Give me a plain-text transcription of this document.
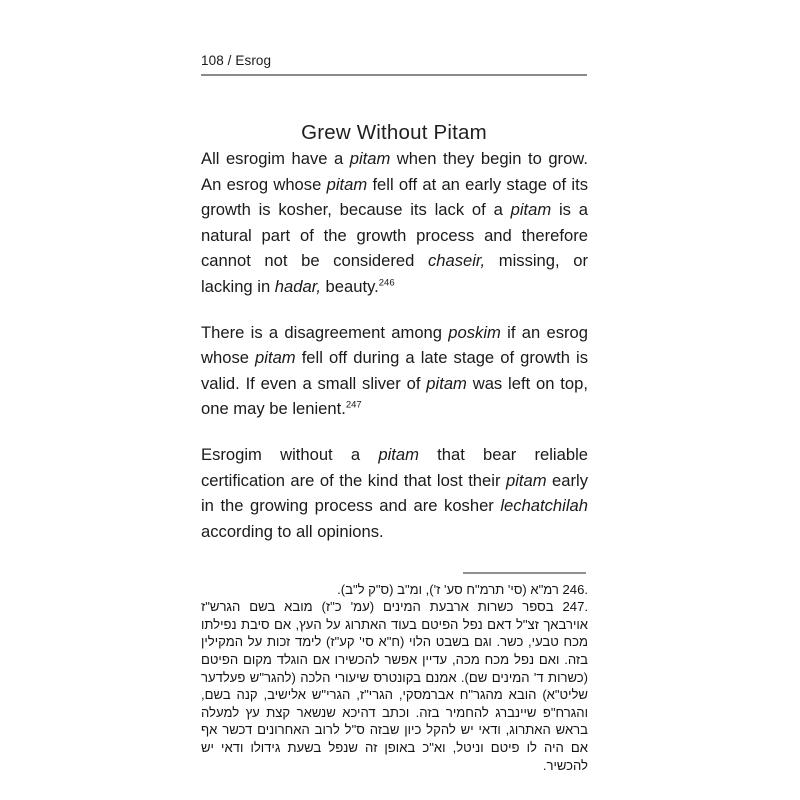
108 / Esrog
Grew Without Pitam

All esrogim have a pitam when they begin to grow. An esrog whose pitam fell off at an early stage of its growth is kosher, because its lack of a pitam is a natural part of the growth process and therefore cannot not be considered chaseir, missing, or lacking in hadar, beauty.$^{246}$

There is a disagreement among poskim if an esrog whose pitam fell off during a late stage of growth is valid. If even a small sliver of pitam was left on top, one may be lenient.$^{247}$

Esrogim without a pitam that bear reliable certification are of the kind that lost their pitam early in the growing process and are kosher lechatchilah according to all opinions.

246. רמ"א (סי' תרמ"ח סע' ז'), ומ"ב (ס"ק ל"ב).

247. בספר כשרות ארבעת המינים (עמ' כ"ז) מובא בשם הגרש"ז אוירבאך זצ"ל דאם נפל הפיטם בעוד האתרוג על העץ, אם סיבת נפילתו מכח טבעי, כשר. וגם בשבט הלוי (ח"א סי' קע"ז) לימד זכות על המקילין בזה. ואם נפל מכח מכה, עדיין אפשר להכשירו אם הוגלד מקום הפיטם (כשרות ד' המינים שם). אמנם בקונטרס שיעורי הלכה (להגר"ש פעלדער שליט"א) הובא מהגר"ח אברמסקי, הגרי"ז, הגרי"ש אלישיב, קנה בשם, והגרח"פ שיינברג להחמיר בזה. וכתב דהיכא שנשאר קצת עץ למעלה בראש האתרוג, ודאי יש להקל כיון שבזה ס"ל לרוב האחרונים דכשר אף אם היה לו פיטם וניטל, וא"כ באופן זה שנפל בשעת גידולו ודאי יש להכשיר.
